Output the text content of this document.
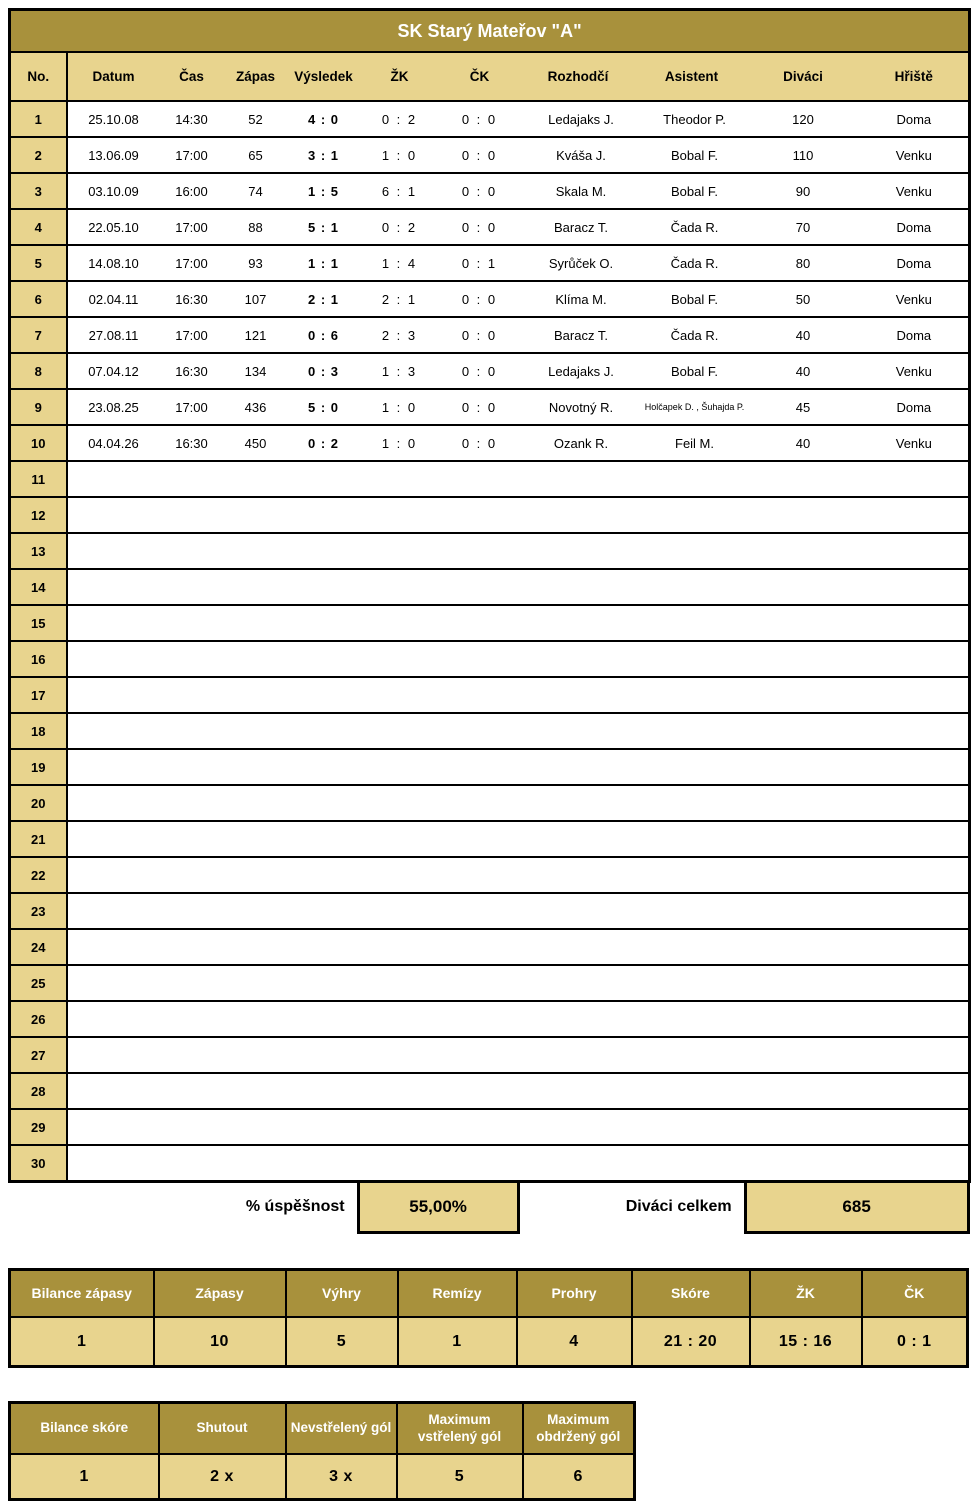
SK Starý Mateřov "A"										
No.	Datum	Čas	Zápas	Výsledek	ŽK	ČK	Rozhodčí	Asistent	Diváci	Hřiště
1	25.10.08	14:30	52	4 : 0	0 : 2	0 : 0	Ledajaks J.	Theodor P.	120	Doma
2	13.06.09	17:00	65	3 : 1	1 : 0	0 : 0	Kváša J.	Bobal F.	110	Venku
3	03.10.09	16:00	74	1 : 5	6 : 1	0 : 0	Skala M.	Bobal F.	90	Venku
4	22.05.10	17:00	88	5 : 1	0 : 2	0 : 0	Baracz T.	Čada R.	70	Doma
5	14.08.10	17:00	93	1 : 1	1 : 4	0 : 1	Syrůček O.	Čada R.	80	Doma
6	02.04.11	16:30	107	2 : 1	2 : 1	0 : 0	Klíma M.	Bobal F.	50	Venku
7	27.08.11	17:00	121	0 : 6	2 : 3	0 : 0	Baracz T.	Čada R.	40	Doma
8	07.04.12	16:30	134	0 : 3	1 : 3	0 : 0	Ledajaks J.	Bobal F.	40	Venku
9	23.08.25	17:00	436	5 : 0	1 : 0	0 : 0	Novotný R.	Holčapek D. , Šuhajda P.	45	Doma
10	04.04.26	16:30	450	0 : 2	1 : 0	0 : 0	Ozank R.	Feil M.	40	Venku
11										
12										
13										
14										
15										
16										
17										
18										
19										
20										
21										
22										
23										
24										
25										
26										
27										
28										
29										
30										
% úspěšnost	55,00%	Diváci celkem	685
Bilance zápasy	Zápasy	Výhry	Remízy	Prohry	Skóre	ŽK	ČK
1	10	5	1	4	21 : 20	15 : 16	0 : 1
Bilance skóre	Shutout	Nevstřelený gól	Maximum vstřelený gól	Maximum obdržený gól
1	2 x	3 x	5	6
